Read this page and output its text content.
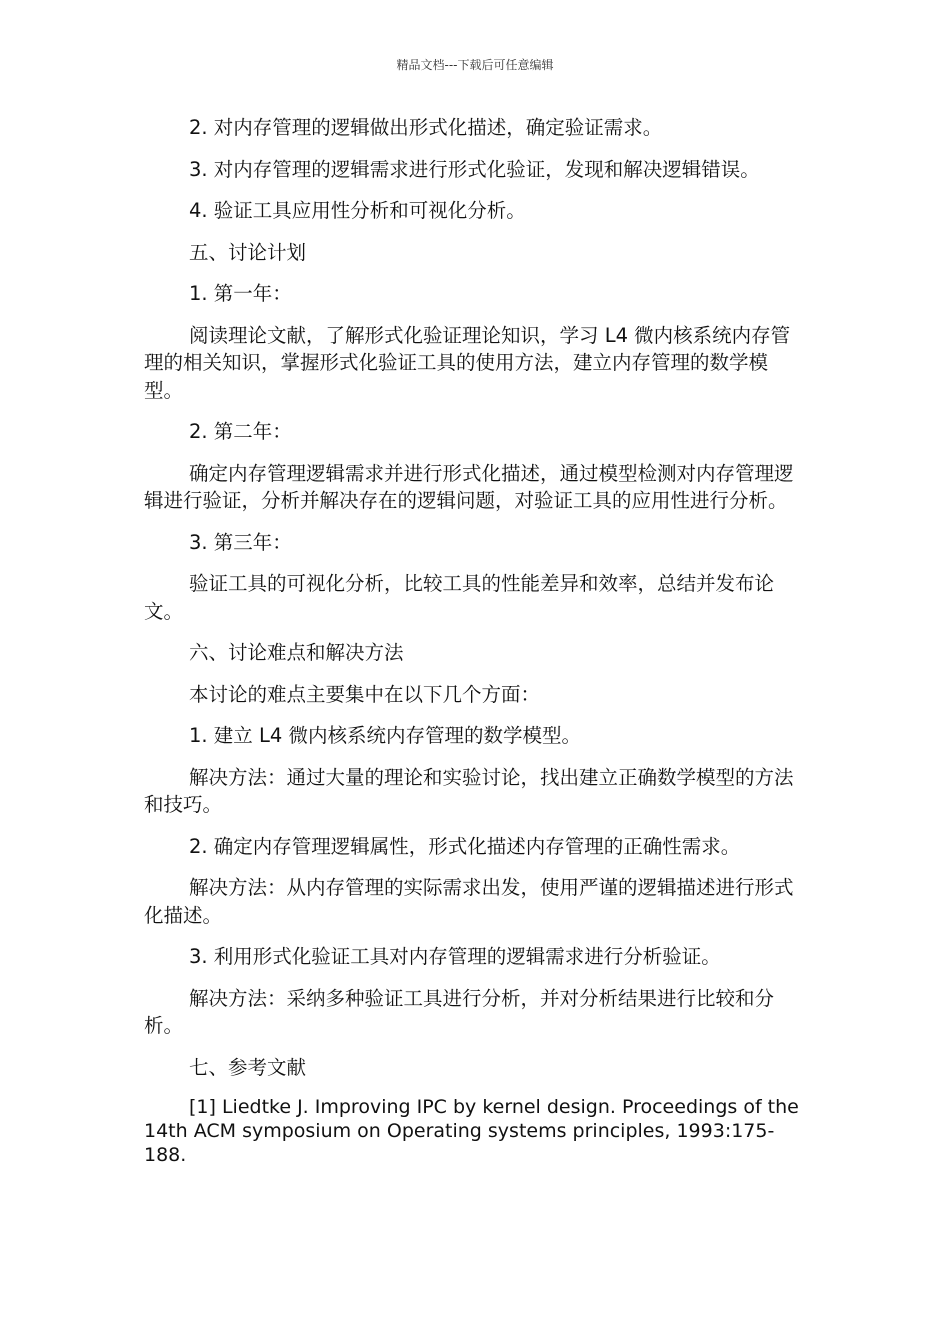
精品文档---下载后可任意编辑

2. 对内存管理的逻辑做出形式化描述，确定验证需求。

3. 对内存管理的逻辑需求进行形式化验证，发现和解决逻辑错误。

4. 验证工具应用性分析和可视化分析。

五、讨论计划

1. 第一年：

阅读理论文献，了解形式化验证理论知识，学习 L4 微内核系统内存管理的相关知识，掌握形式化验证工具的使用方法，建立内存管理的数学模型。

2. 第二年：

确定内存管理逻辑需求并进行形式化描述，通过模型检测对内存管理逻辑进行验证，分析并解决存在的逻辑问题，对验证工具的应用性进行分析。

3. 第三年：

验证工具的可视化分析，比较工具的性能差异和效率，总结并发布论文。

六、讨论难点和解决方法

本讨论的难点主要集中在以下几个方面：

1. 建立 L4 微内核系统内存管理的数学模型。

解决方法：通过大量的理论和实验讨论，找出建立正确数学模型的方法和技巧。

2. 确定内存管理逻辑属性，形式化描述内存管理的正确性需求。

解决方法：从内存管理的实际需求出发，使用严谨的逻辑描述进行形式化描述。

3. 利用形式化验证工具对内存管理的逻辑需求进行分析验证。

解决方法：采纳多种验证工具进行分析，并对分析结果进行比较和分析。

七、参考文献

[1] Liedtke J. Improving IPC by kernel design. Proceedings of the 14th ACM symposium on Operating systems principles, 1993:175-188.
